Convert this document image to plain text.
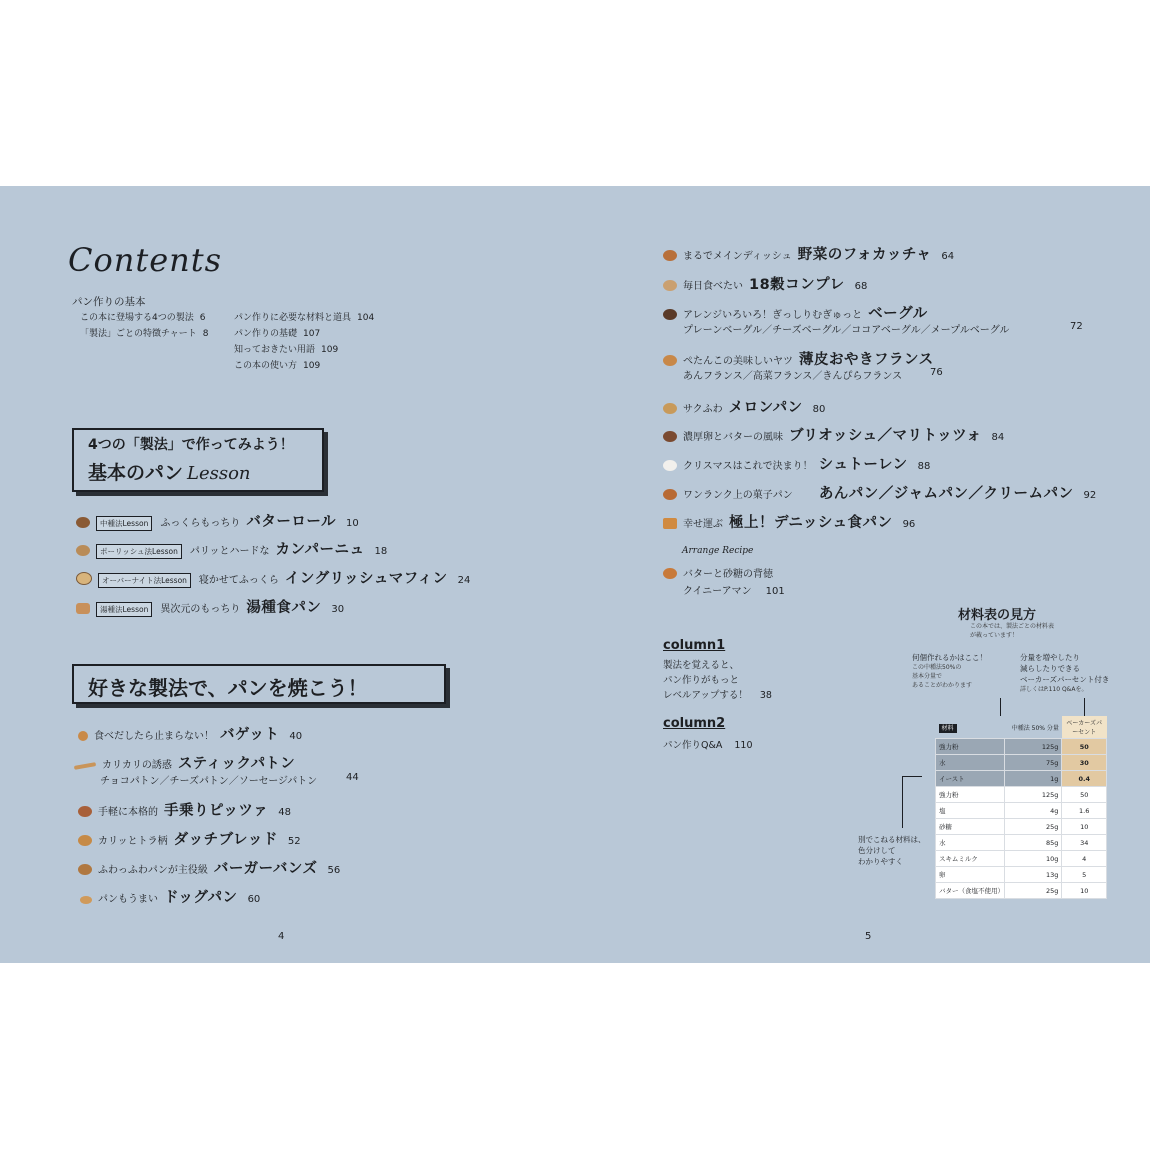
Contents
パン作りの基本
この本に登場する4つの製法 6
「製法」ごとの特徴チャート 8
パン作りに必要な材料と道具 104
パン作りの基礎 107
知っておきたい用語 109
この本の使い方 109
4つの「製法」で作ってみよう！
基本のパン Lesson
中種法Lesson	ふっくらもっちり バターロール 10
ポーリッシュ法Lesson	パリッとハードな カンパーニュ 18
オーバーナイト法Lesson	寝かせてふっくら イングリッシュマフィン 24
湯種法Lesson	異次元のもっちり 湯種食パン 30
好きな製法で、パンを焼こう！
食べだしたら止まらない！ バゲット 40
カリカリの誘惑 スティックパトン
チョコパトン／チーズパトン／ソーセージパトン	44
手軽に本格的 手乗りピッツァ 48
カリッとトラ柄 ダッチブレッド 52
ふわっふわパンが主役級 バーガーバンズ 56
パンもうまい ドッグパン 60
4
まるでメインディッシュ 野菜のフォカッチャ 64
毎日食べたい 18穀コンプレ 68
アレンジいろいろ！ぎっしりむぎゅっと ベーグル
プレーンベーグル／チーズベーグル／ココアベーグル／メープルベーグル	72
ぺたんこの美味しいヤツ 薄皮おやきフランス
あんフランス／高菜フランス／きんぴらフランス	76
サクふわ メロンパン 80
濃厚卵とバターの風味 ブリオッシュ／マリトッツォ 84
クリスマスはこれで決まり！ シュトーレン 88
ワンランク上の菓子パン あんパン／ジャムパン／クリームパン 92
幸せ運ぶ 極上！デニッシュ食パン 96
Arrange Recipe
バターと砂糖の背徳
クイニーアマン 101
column1
製法を覚えると、
パン作りがもっと
レベルアップする！ 38
column2
パン作りQ&A 110
材料表の見方
この本では、製法ごとの材料表
が載っています！
何個作れるかはここ！
この中種法50%の
基本分量で
あることがわかります
分量を増やしたり
減らしたりできる
ベーカーズパーセント付き
詳しくはP.110 Q&Aを。
別でこねる材料は、
色分けして
わかりやすく
材料	中種法 50% 分量	ベーカーズパーセント
強力粉	125g	50
水	75g	30
イースト	1g	0.4
強力粉	125g	50
塩	4g	1.6
砂糖	25g	10
水	85g	34
スキムミルク	10g	4
卵	13g	5
バター（食塩不使用）	25g	10
5
